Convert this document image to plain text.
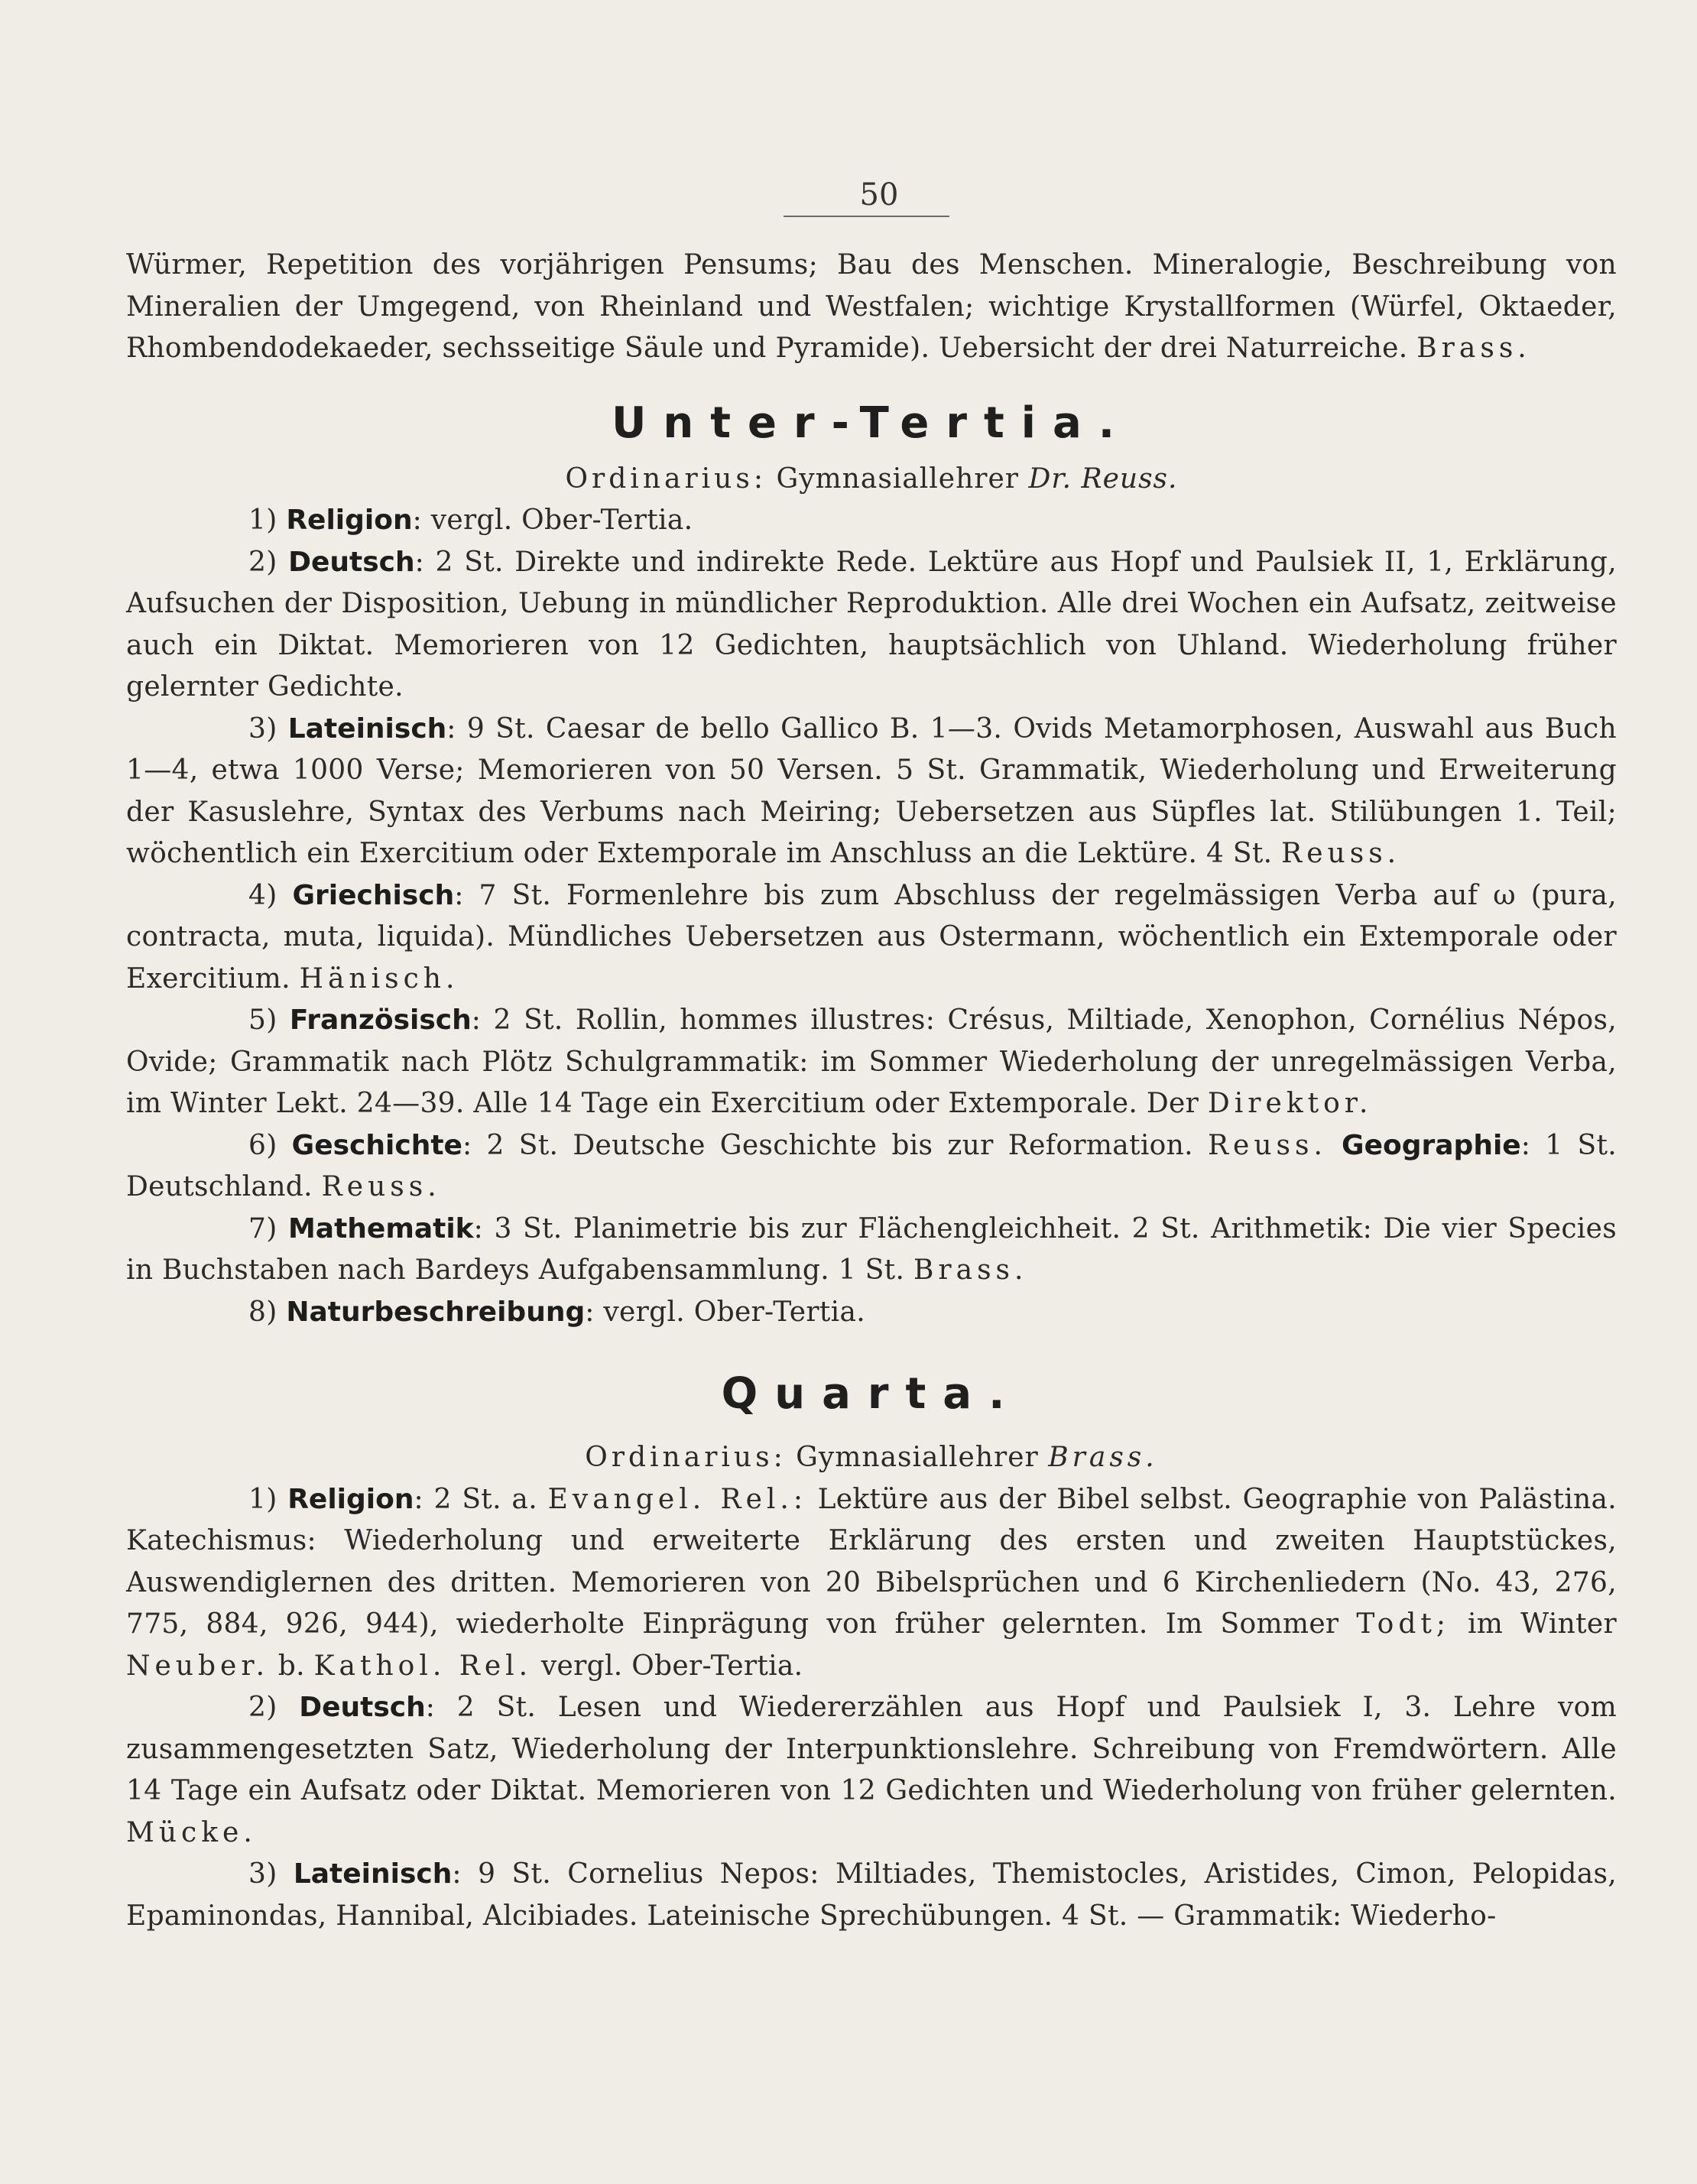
50

Würmer, Repetition des vorjährigen Pensums; Bau des Menschen. Mineralogie, Beschreibung von Mineralien der Umgegend, von Rheinland und Westfalen; wichtige Krystallformen (Würfel, Oktaeder, Rhombendodekaeder, sechsseitige Säule und Pyramide). Uebersicht der drei Naturreiche. Brass.

Unter-Tertia.

Ordinarius: Gymnasiallehrer Dr. Reuss.

1) Religion: vergl. Ober-Tertia.

2) Deutsch: 2 St. Direkte und indirekte Rede. Lektüre aus Hopf und Paulsiek II, 1, Erklärung, Aufsuchen der Disposition, Uebung in mündlicher Reproduktion. Alle drei Wochen ein Aufsatz, zeitweise auch ein Diktat. Memorieren von 12 Gedichten, hauptsächlich von Uhland. Wiederholung früher gelernter Gedichte.

3) Lateinisch: 9 St. Caesar de bello Gallico B. 1—3. Ovids Metamorphosen, Auswahl aus Buch 1—4, etwa 1000 Verse; Memorieren von 50 Versen. 5 St. Grammatik, Wiederholung und Erweiterung der Kasuslehre, Syntax des Verbums nach Meiring; Uebersetzen aus Süpfles lat. Stilübungen 1. Teil; wöchentlich ein Exercitium oder Extemporale im Anschluss an die Lektüre. 4 St. Reuss.

4) Griechisch: 7 St. Formenlehre bis zum Abschluss der regelmässigen Verba auf ω (pura, contracta, muta, liquida). Mündliches Uebersetzen aus Ostermann, wöchentlich ein Extemporale oder Exercitium. Hänisch.

5) Französisch: 2 St. Rollin, hommes illustres: Crésus, Miltiade, Xenophon, Cornélius Népos, Ovide; Grammatik nach Plötz Schulgrammatik: im Sommer Wiederholung der unregelmässigen Verba, im Winter Lekt. 24—39. Alle 14 Tage ein Exercitium oder Extemporale. Der Direktor.

6) Geschichte: 2 St. Deutsche Geschichte bis zur Reformation. Reuss. Geographie: 1 St. Deutschland. Reuss.

7) Mathematik: 3 St. Planimetrie bis zur Flächengleichheit. 2 St. Arithmetik: Die vier Species in Buchstaben nach Bardeys Aufgabensammlung. 1 St. Brass.

8) Naturbeschreibung: vergl. Ober-Tertia.

Quarta.

Ordinarius: Gymnasiallehrer Brass.

1) Religion: 2 St. a. Evangel. Rel.: Lektüre aus der Bibel selbst. Geographie von Palästina. Katechismus: Wiederholung und erweiterte Erklärung des ersten und zweiten Hauptstückes, Auswendiglernen des dritten. Memorieren von 20 Bibelsprüchen und 6 Kirchenliedern (No. 43, 276, 775, 884, 926, 944), wiederholte Einprägung von früher gelernten. Im Sommer Todt; im Winter Neuber. b. Kathol. Rel. vergl. Ober-Tertia.

2) Deutsch: 2 St. Lesen und Wiedererzählen aus Hopf und Paulsiek I, 3. Lehre vom zusammengesetzten Satz, Wiederholung der Interpunktionslehre. Schreibung von Fremdwörtern. Alle 14 Tage ein Aufsatz oder Diktat. Memorieren von 12 Gedichten und Wiederholung von früher gelernten. Mücke.

3) Lateinisch: 9 St. Cornelius Nepos: Miltiades, Themistocles, Aristides, Cimon, Pelopidas, Epaminondas, Hannibal, Alcibiades. Lateinische Sprechübungen. 4 St. — Grammatik: Wiederho-
